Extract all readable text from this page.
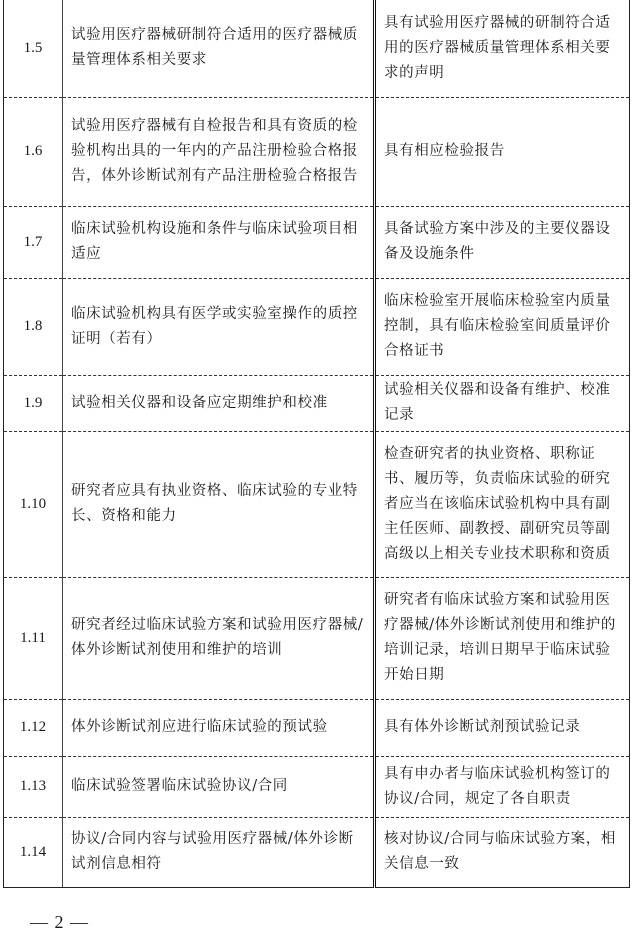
1.5	试验用医疗器械研制符合适用的医疗器械质量管理体系相关要求	具有试验用医疗器械的研制符合适用的医疗器械质量管理体系相关要求的声明
1.6	试验用医疗器械有自检报告和具有资质的检验机构出具的一年内的产品注册检验合格报告，体外诊断试剂有产品注册检验合格报告	具有相应检验报告
1.7	临床试验机构设施和条件与临床试验项目相适应	具备试验方案中涉及的主要仪器设备及设施条件
1.8	临床试验机构具有医学或实验室操作的质控证明（若有）	临床检验室开展临床检验室内质量控制，具有临床检验室间质量评价合格证书
1.9	试验相关仪器和设备应定期维护和校准	试验相关仪器和设备有维护、校准记录
1.10	研究者应具有执业资格、临床试验的专业特长、资格和能力	检查研究者的执业资格、职称证书、履历等，负责临床试验的研究者应当在该临床试验机构中具有副主任医师、副教授、副研究员等副高级以上相关专业技术职称和资质
1.11	研究者经过临床试验方案和试验用医疗器械/体外诊断试剂使用和维护的培训	研究者有临床试验方案和试验用医疗器械/体外诊断试剂使用和维护的培训记录，培训日期早于临床试验开始日期
1.12	体外诊断试剂应进行临床试验的预试验	具有体外诊断试剂预试验记录
1.13	临床试验签署临床试验协议/合同	具有申办者与临床试验机构签订的协议/合同，规定了各自职责
1.14	协议/合同内容与试验用医疗器械/体外诊断试剂信息相符	核对协议/合同与临床试验方案，相关信息一致
— 2 —
